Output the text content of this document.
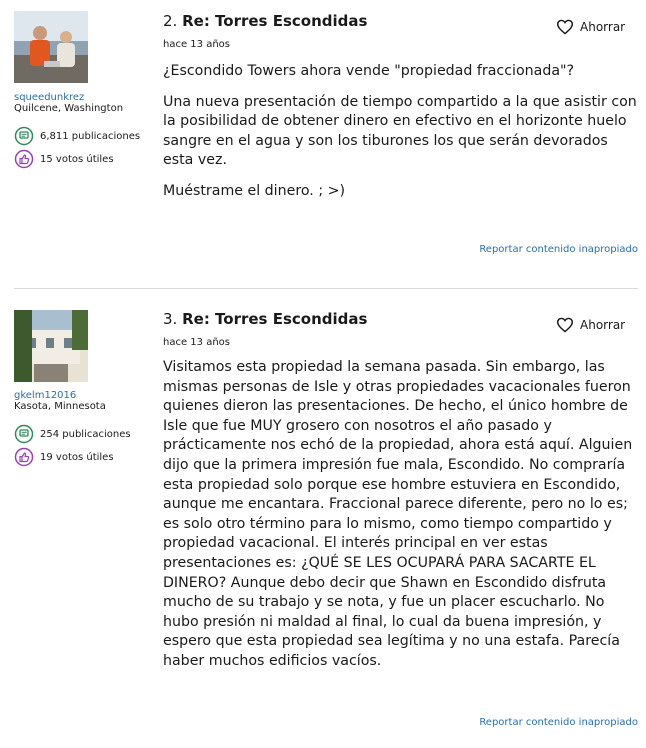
squeedunkrez
Quilcene, Washington
6,811 publicaciones
15 votos útiles
2. Re: Torres Escondidas
hace 13 años
Ahorrar

¿Escondido Towers ahora vende "propiedad fraccionada"?

Una nueva presentación de tiempo compartido a la que asistir con la posibilidad de obtener dinero en efectivo en el horizonte huelo sangre en el agua y son los tiburones los que serán devorados esta vez.

Muéstrame el dinero. ; >)

Reportar contenido inapropiado
gkelm12016
Kasota, Minnesota
254 publicaciones
19 votos útiles
3. Re: Torres Escondidas
hace 13 años
Ahorrar

Visitamos esta propiedad la semana pasada. Sin embargo, las mismas personas de Isle y otras propiedades vacacionales fueron quienes dieron las presentaciones. De hecho, el único hombre de Isle que fue MUY grosero con nosotros el año pasado y prácticamente nos echó de la propiedad, ahora está aquí. Alguien dijo que la primera impresión fue mala, Escondido. No compraría esta propiedad solo porque ese hombre estuviera en Escondido, aunque me encantara. Fraccional parece diferente, pero no lo es; es solo otro término para lo mismo, como tiempo compartido y propiedad vacacional. El interés principal en ver estas presentaciones es: ¿QUÉ SE LES OCUPARÁ PARA SACARTE EL DINERO? Aunque debo decir que Shawn en Escondido disfruta mucho de su trabajo y se nota, y fue un placer escucharlo. No hubo presión ni maldad al final, lo cual da buena impresión, y espero que esta propiedad sea legítima y no una estafa. Parecía haber muchos edificios vacíos.

Reportar contenido inapropiado
